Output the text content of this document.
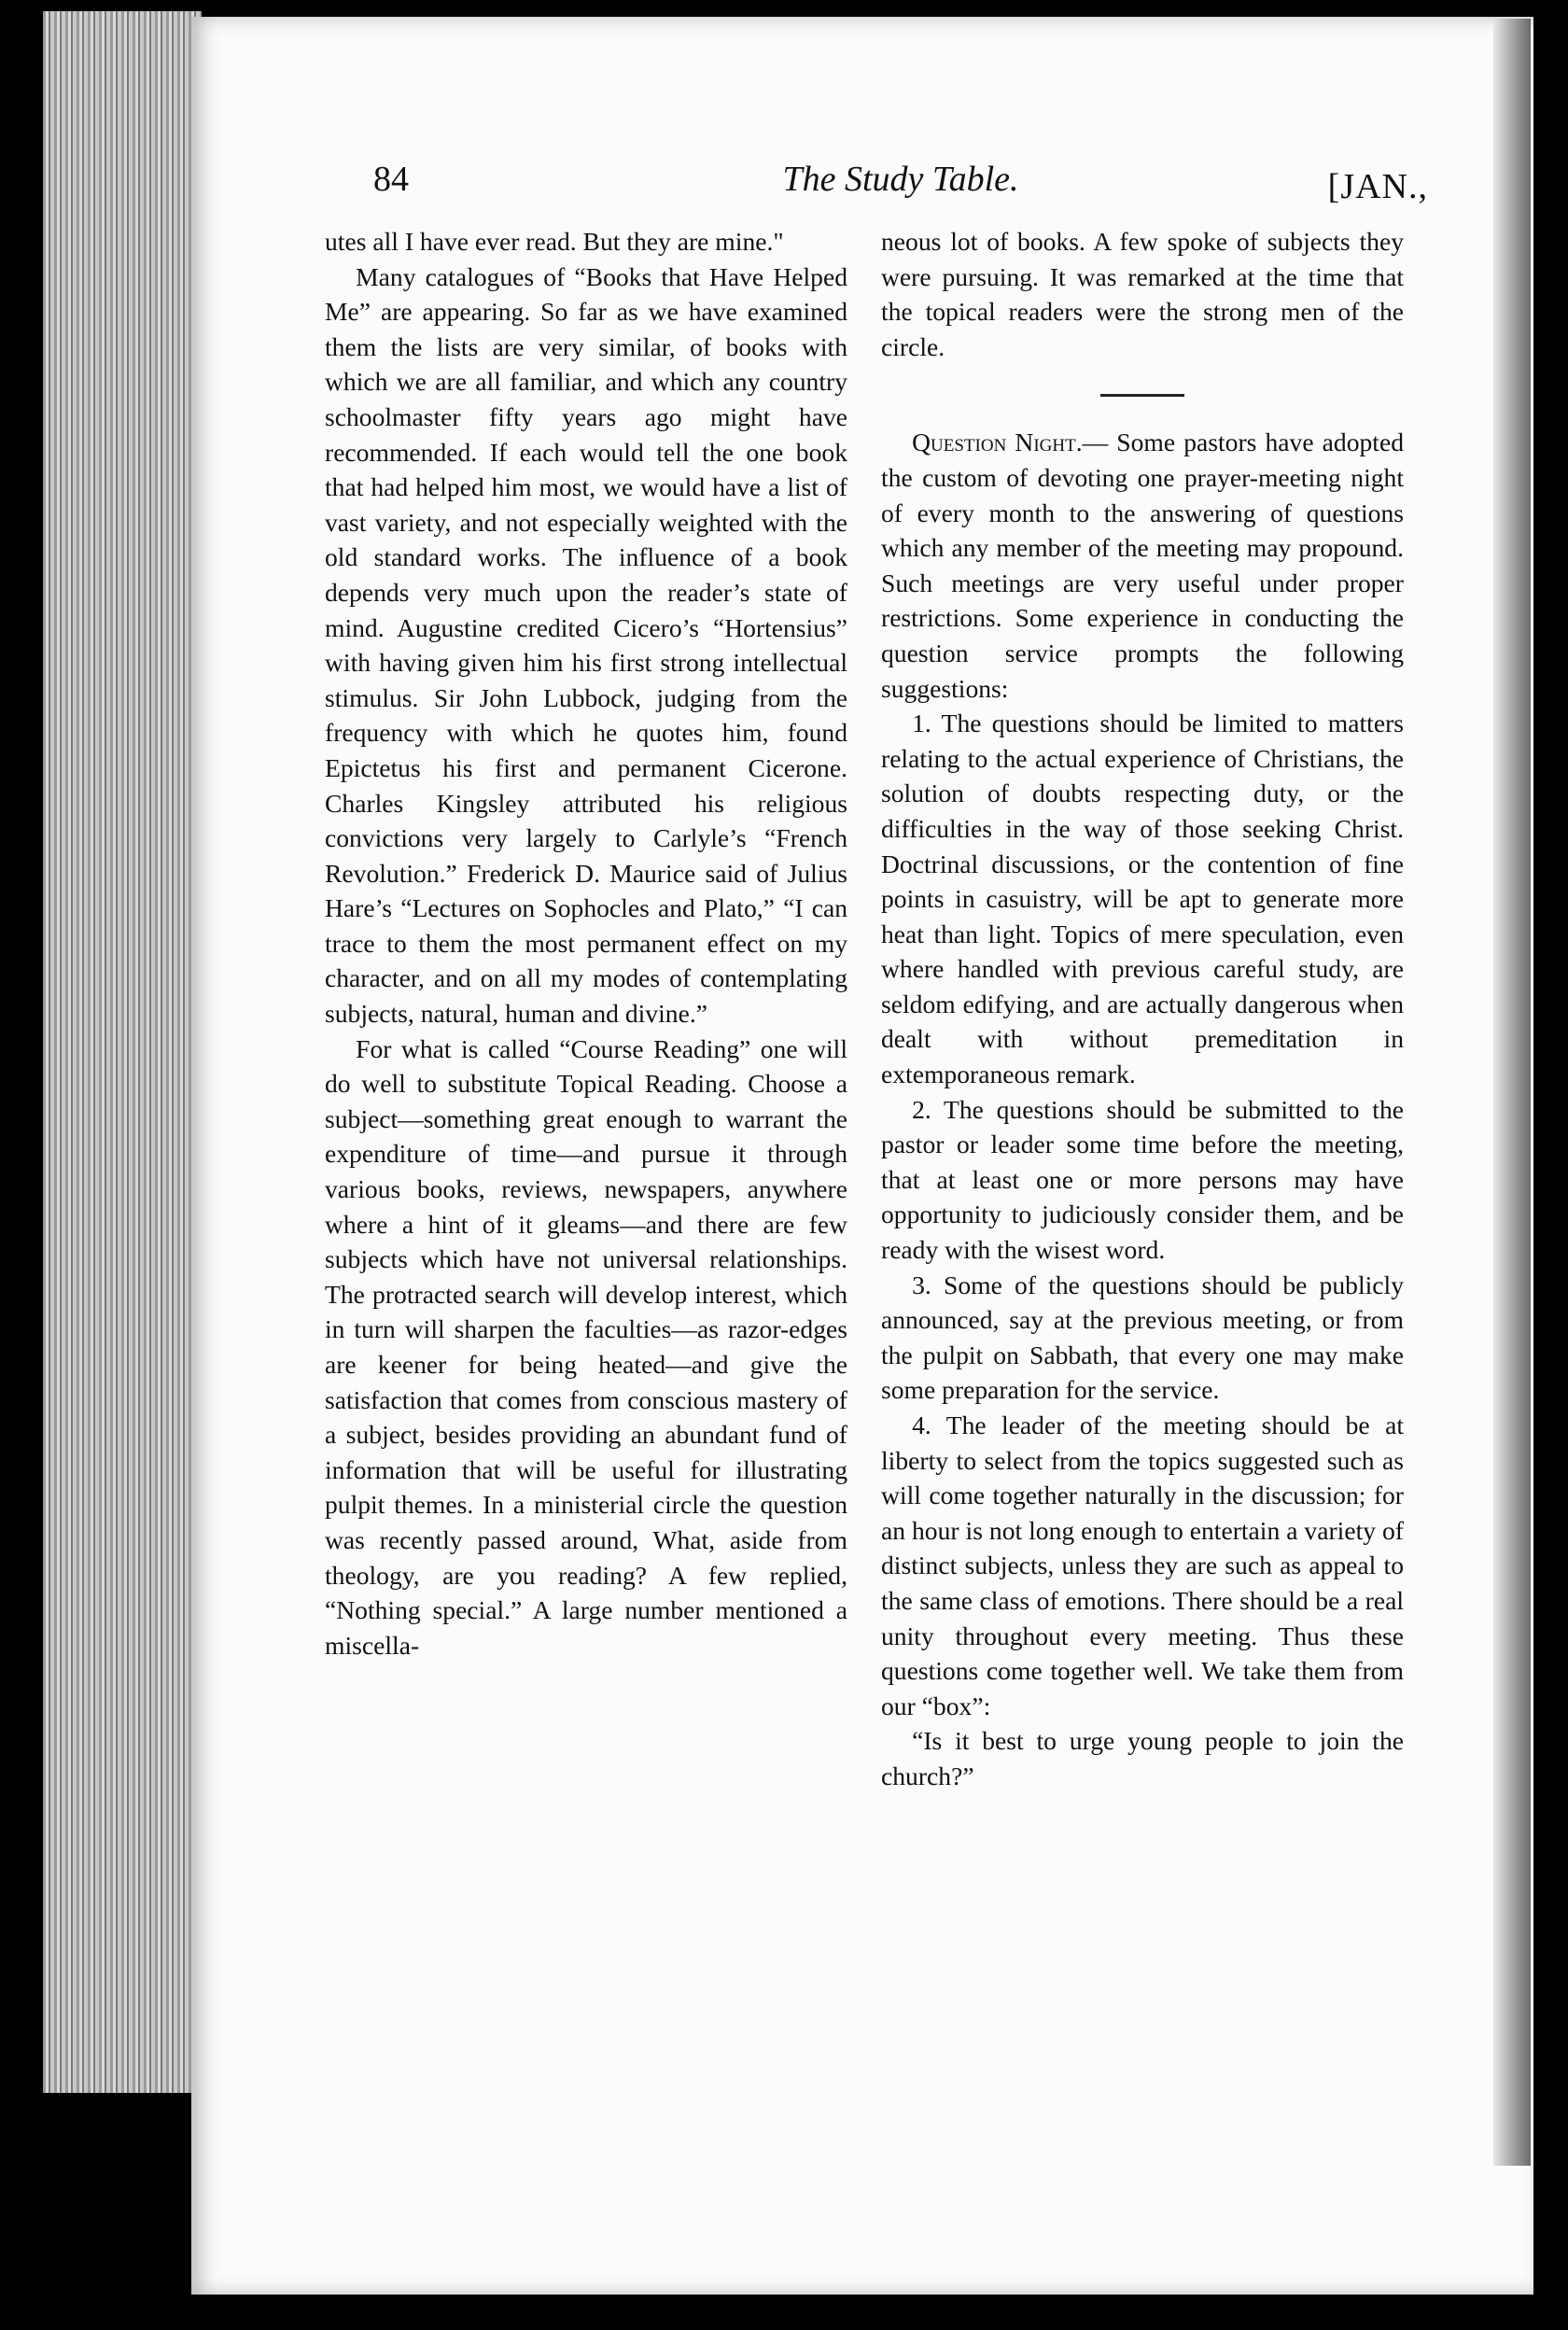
84	The Study Table.	[JAN.,

utes all I have ever read. But they are mine."

Many catalogues of “Books that Have Helped Me” are appearing. So far as we have examined them the lists are very similar, of books with which we are all familiar, and which any country schoolmaster fifty years ago might have recommended. If each would tell the one book that had helped him most, we would have a list of vast variety, and not especially weighted with the old standard works. The influence of a book depends very much upon the reader’s state of mind. Augustine credited Cicero’s “Hortensius” with having given him his first strong intellectual stimulus. Sir John Lubbock, judging from the frequency with which he quotes him, found Epictetus his first and permanent Cicerone. Charles Kingsley attributed his religious convictions very largely to Carlyle’s “French Revolution.” Frederick D. Maurice said of Julius Hare’s “Lectures on Sophocles and Plato,” “I can trace to them the most permanent effect on my character, and on all my modes of contemplating subjects, natural, human and divine.”

For what is called “Course Reading” one will do well to substitute Topical Reading. Choose a subject—something great enough to warrant the expenditure of time—and pursue it through various books, reviews, newspapers, anywhere where a hint of it gleams—and there are few subjects which have not universal relationships. The protracted search will develop interest, which in turn will sharpen the faculties—as razor-edges are keener for being heated—and give the satisfaction that comes from conscious mastery of a subject, besides providing an abundant fund of information that will be useful for illustrating pulpit themes. In a ministerial circle the question was recently passed around, What, aside from theology, are you reading? A few replied, “Nothing special.” A large number mentioned a miscella-

neous lot of books. A few spoke of subjects they were pursuing. It was remarked at the time that the topical readers were the strong men of the circle.

Question Night.— Some pastors have adopted the custom of devoting one prayer-meeting night of every month to the answering of questions which any member of the meeting may propound. Such meetings are very useful under proper restrictions. Some experience in conducting the question service prompts the following suggestions:

1. The questions should be limited to matters relating to the actual experience of Christians, the solution of doubts respecting duty, or the difficulties in the way of those seeking Christ. Doctrinal discussions, or the contention of fine points in casuistry, will be apt to generate more heat than light. Topics of mere speculation, even where handled with previous careful study, are seldom edifying, and are actually dangerous when dealt with without premeditation in extemporaneous remark.

2. The questions should be submitted to the pastor or leader some time before the meeting, that at least one or more persons may have opportunity to judiciously consider them, and be ready with the wisest word.

3. Some of the questions should be publicly announced, say at the previous meeting, or from the pulpit on Sabbath, that every one may make some preparation for the service.

4. The leader of the meeting should be at liberty to select from the topics suggested such as will come together naturally in the discussion; for an hour is not long enough to entertain a variety of distinct subjects, unless they are such as appeal to the same class of emotions. There should be a real unity throughout every meeting. Thus these questions come together well. We take them from our “box”:

“Is it best to urge young people to join the church?”
